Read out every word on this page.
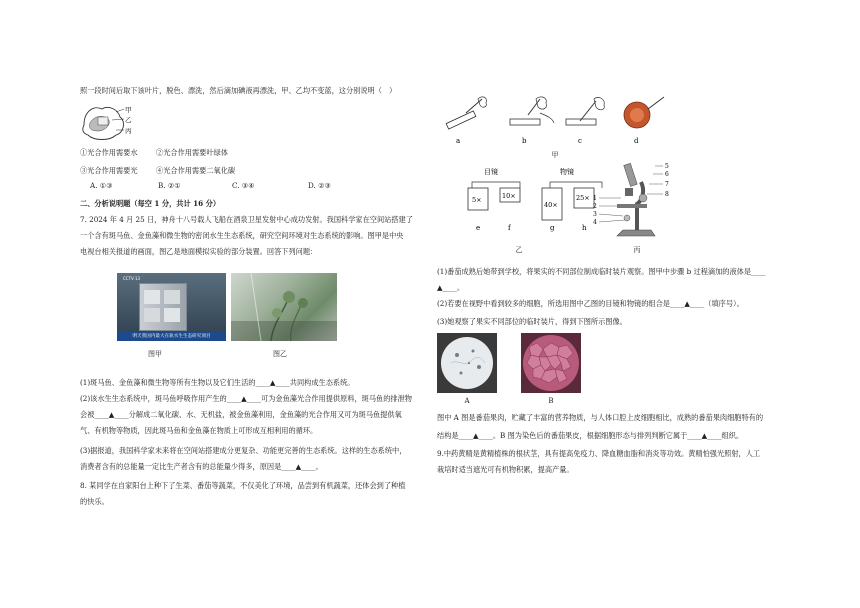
照一段时间后取下该叶片，脱色、漂洗，然后滴加碘液再漂洗，甲、乙均不变蓝，这分别说明（　）
甲
乙
丙
①光合作用需要水	②光合作用需要叶绿体
③光合作用需要光	④光合作用需要二氧化碳
A. ①③	B. ②①	C. ③④	D. ②③
二、分析说明题（每空 1 分，共计 16 分）
7. 2024 年 4 月 25 日，神舟十八号载人飞船在酒泉卫星发射中心成功发射。我国科学家在空间站搭建了
一个含有斑马鱼、金鱼藻和微生物的密闭水生生态系统，研究空间环境对生态系统的影响。图甲是中央
电视台相关报道的画面，图乙是地面模拟实验的部分装置。回答下列问题：
CCTV-13
明天我国内最大在轨水生生态研究项目
图甲	图乙
(1)斑马鱼、金鱼藻和微生物等所有生物以及它们生活的____▲____共同构成生态系统。
(2)该水生生态系统中，斑马鱼呼吸作用产生的____▲____可为金鱼藻光合作用提供原料，斑马鱼的排泄物
会被____▲____分解成二氧化碳、水、无机盐，被金鱼藻利用，金鱼藻的光合作用又可为斑马鱼提供氧
气、有机物等物质，因此斑马鱼和金鱼藻在物质上可形成互相利用的循环。
(3)据报道，我国科学家未来将在空间站搭建成分更复杂、功能更完善的生态系统。这样的生态系统中，
消费者含有的总能量一定比生产者含有的总能量少得多，原因是____▲____。
8. 某同学在自家阳台上种下了生菜、番茄等蔬菜，不仅美化了环境，品尝到有机蔬菜，还体会到了种植
的快乐。
a	b	c	d
甲
目镜
5×	10×
物镜
40×
25×
e	f	g	h
乙
5
6
7
8
1
2
3
4
丙
(1)番茄成熟后她带到学校，将果实的不同部位制成临时装片观察。图甲中步骤 b 过程滴加的液体是____
▲____。
(2)若要在视野中看到较多的细胞，所选用图中乙图的目镜和物镜的组合是____▲____（填序号）。
(3)她观察了果实不同部位的临时装片，得到下图所示图像。
A	B
图中 A 图是番茄果肉，贮藏了丰富的营养物质，与人体口腔上皮细胞相比，成熟的番茄果肉细胞特有的
结构是____▲____。B 图为染色后的番茄果皮，根据细胞形态与排列判断它属于____▲____组织。
9.中药黄精是黄精植株的根状茎，具有提高免疫力、降血糖血脂和消炎等功效。黄精怕强光照射，人工
栽培时适当遮光可有机物积累，提高产量。
